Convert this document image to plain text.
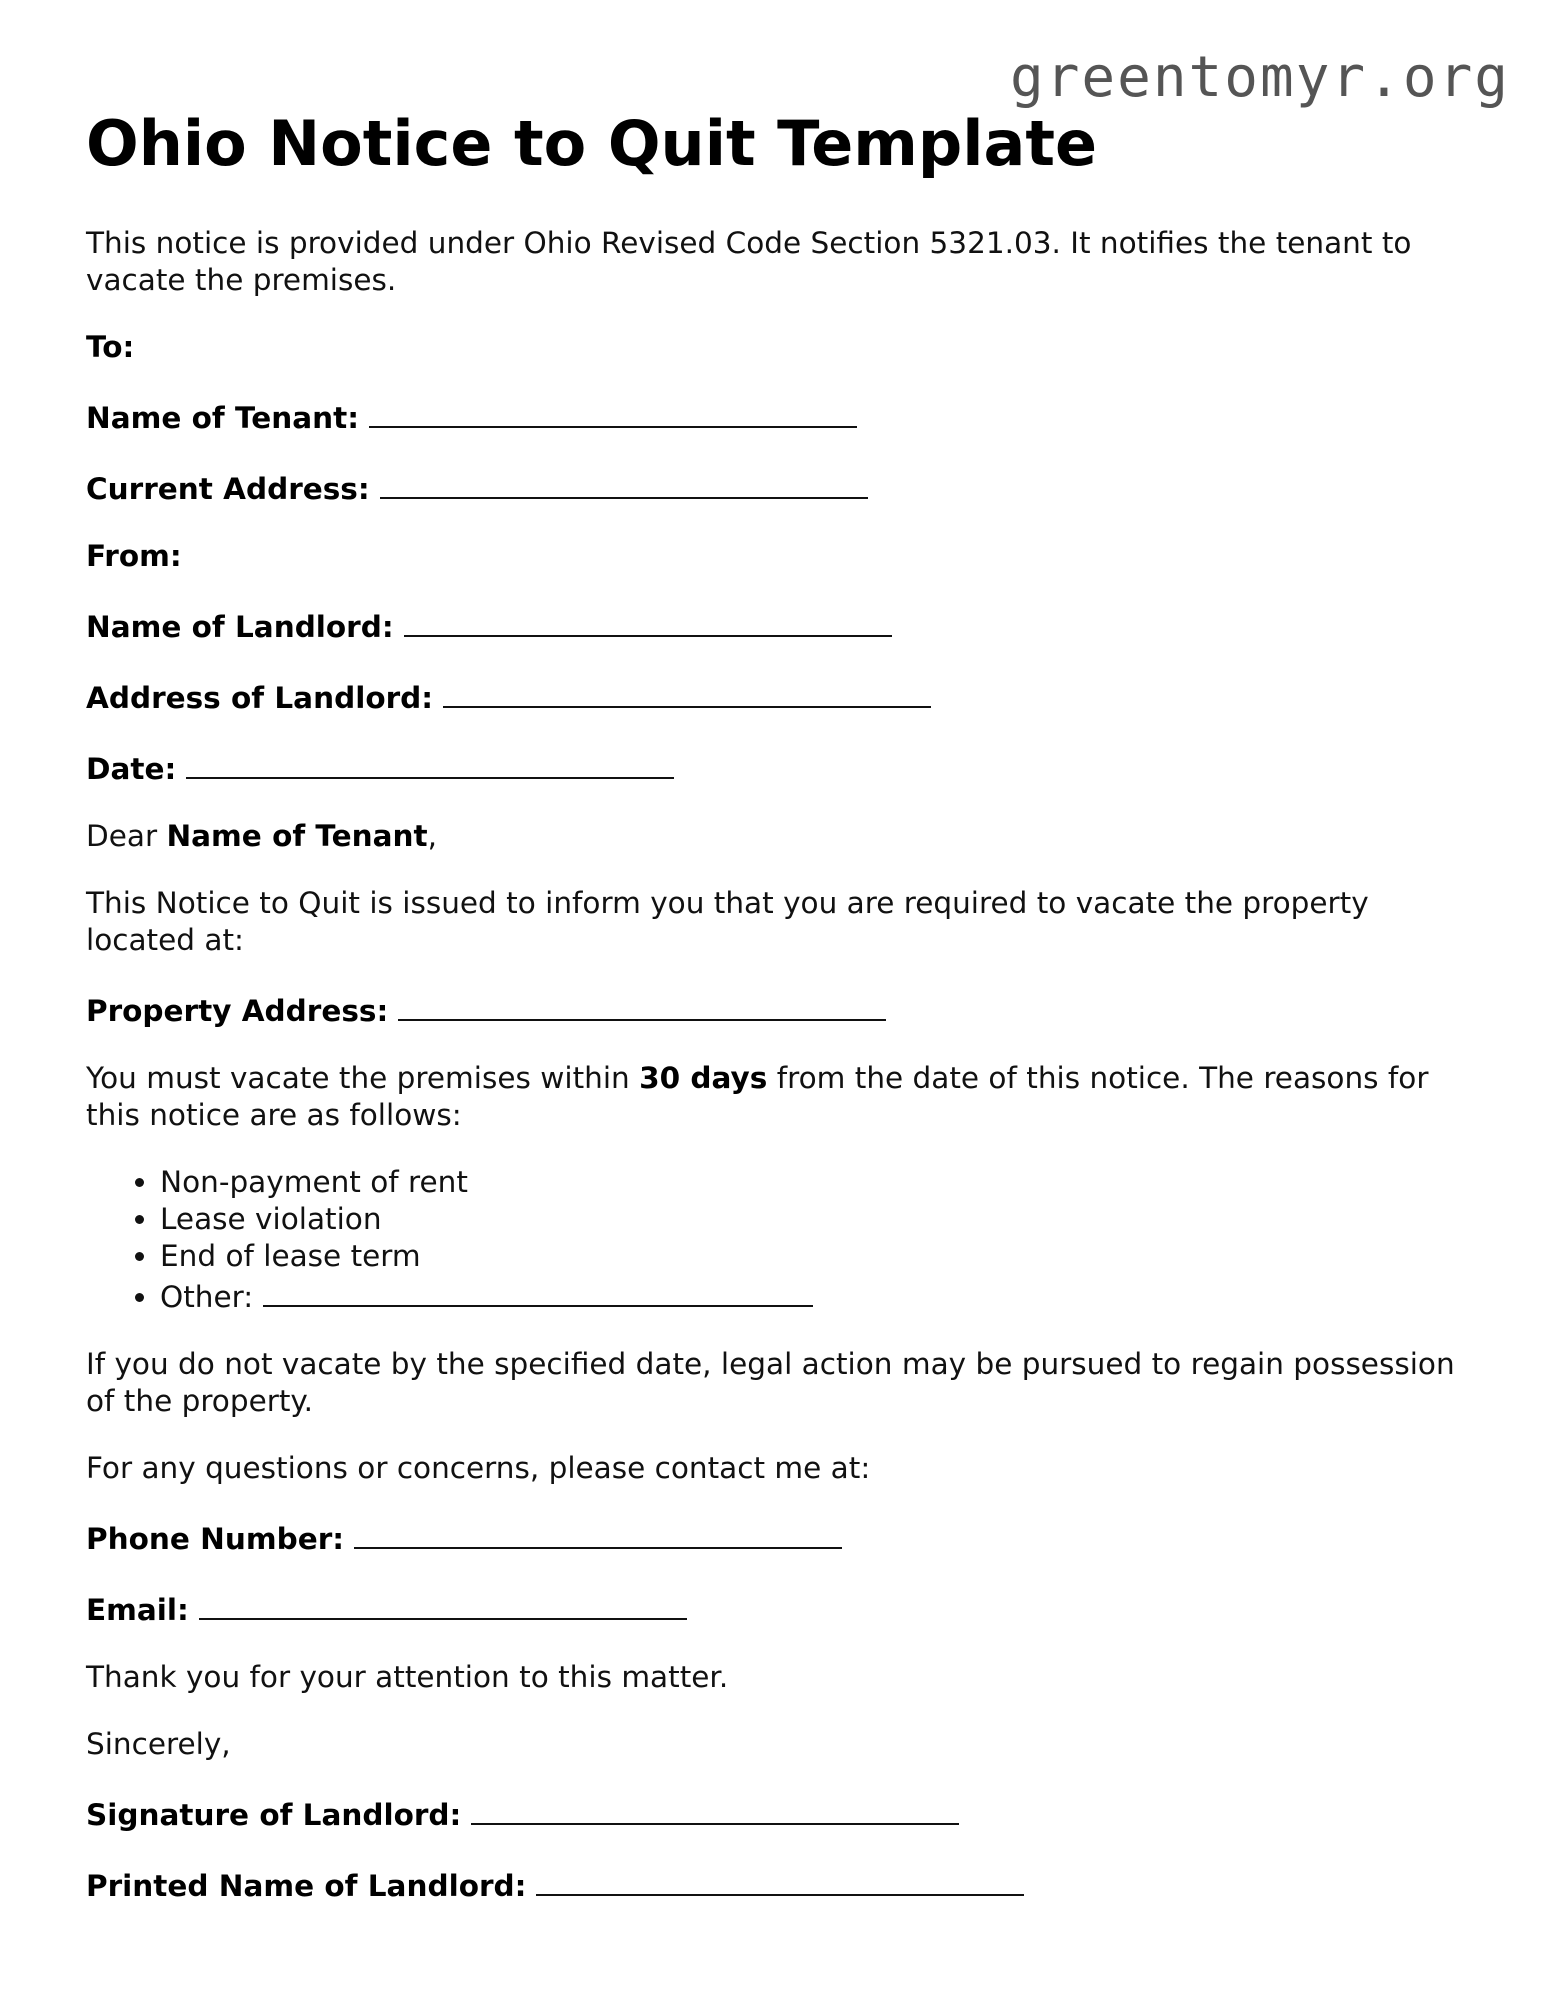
greentomyr.org
Ohio Notice to Quit Template

This notice is provided under Ohio Revised Code Section 5321.03. It notifies the tenant to vacate the premises.

To:

Name of Tenant:

Current Address:

From:

Name of Landlord:

Address of Landlord:

Date:

Dear Name of Tenant,

This Notice to Quit is issued to inform you that you are required to vacate the property located at:

Property Address:

You must vacate the premises within 30 days from the date of this notice. The reasons for this notice are as follows:

• Non-payment of rent
• Lease violation
• End of lease term
• Other:

If you do not vacate by the specified date, legal action may be pursued to regain possession of the property.

For any questions or concerns, please contact me at:

Phone Number:

Email:

Thank you for your attention to this matter.

Sincerely,

Signature of Landlord:

Printed Name of Landlord:
